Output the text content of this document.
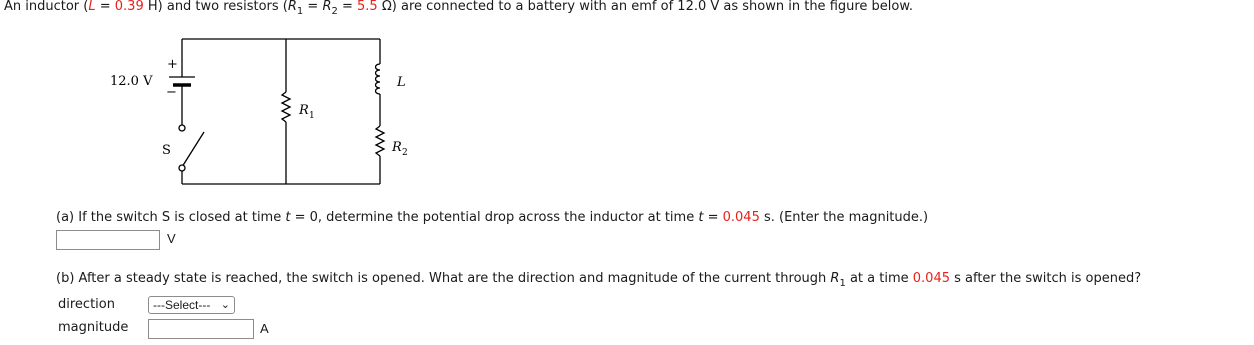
An inductor (L = 0.39 H) and two resistors ($R_1 = R_2 = 5.5$ Ω) are connected to a battery with an emf of 12.0 V as shown in the figure below.
12.0 V
+
−
S
R 1
L
R 2
(a) If the switch S is closed at time t = 0, determine the potential drop across the inductor at time t = 0.045 s. (Enter the magnitude.)
V
(b) After a steady state is reached, the switch is opened. What are the direction and magnitude of the current through $R_1$ at a time 0.045 s after the switch is opened?
direction	---Select--- ⌄
magnitude	A
